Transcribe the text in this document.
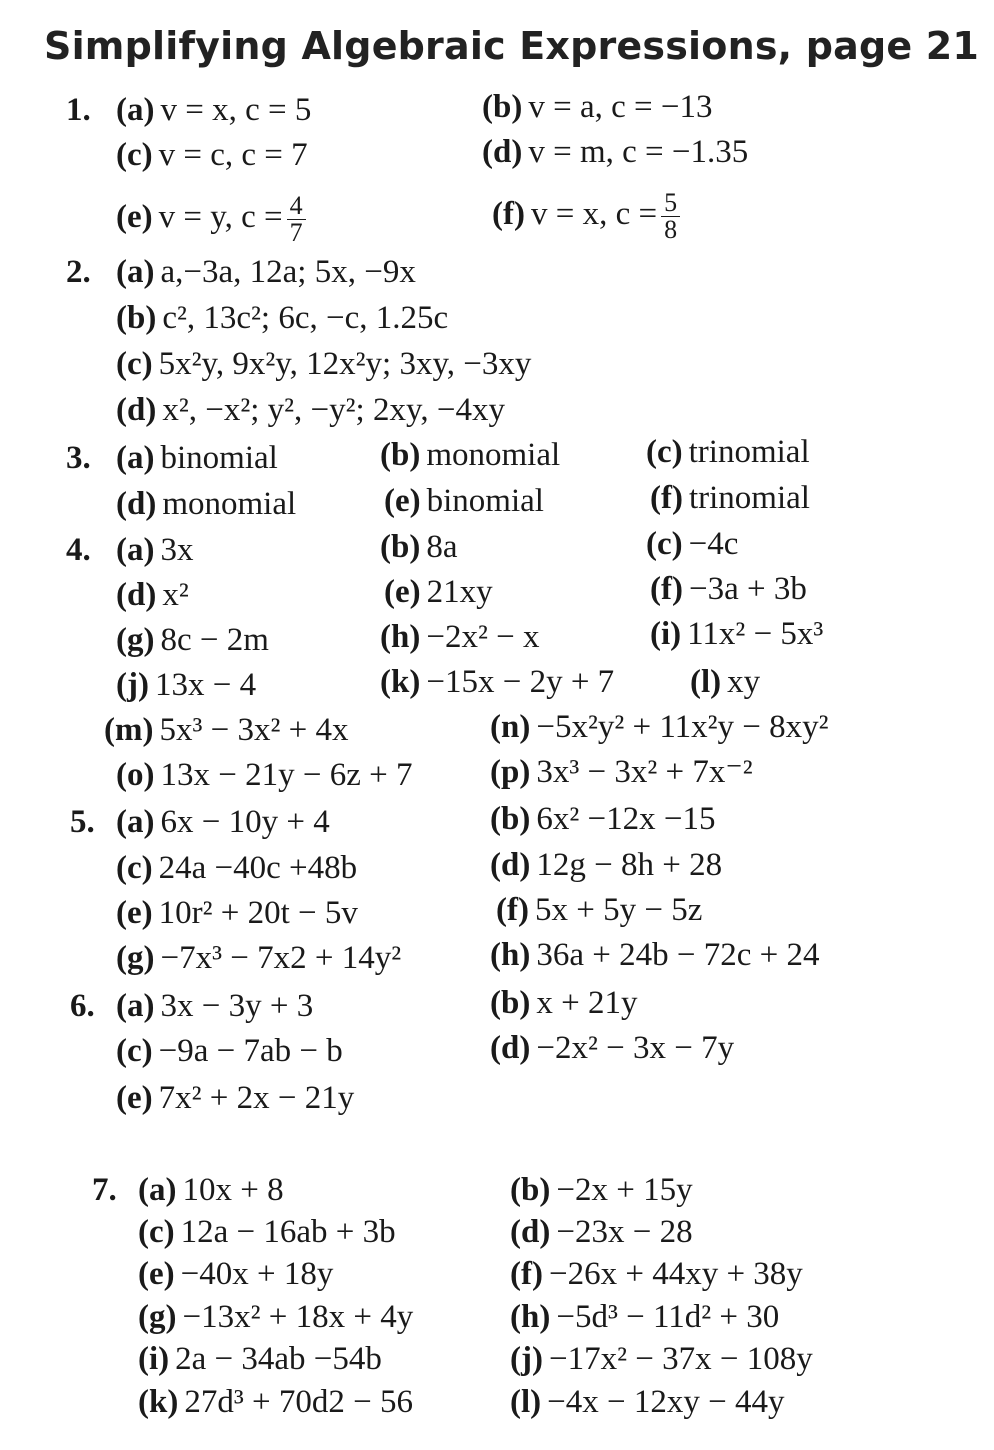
Simplifying Algebraic Expressions, page 21
1. (a) v = x, c = 5	(b) v = a, c = −13
(c) v = c, c = 7	(d) v = m, c = −1.35
(e) v = y, $c = \frac{4}{7}$	(f) v = x, $c = \frac{5}{8}$
2. (a) a,−3a, 12a; 5x, −9x
(b) c², 13c²; 6c, −c, 1.25c
(c) 5x²y, 9x²y, 12x²y; 3xy, −3xy
(d) x², −x²; y², −y²; 2xy, −4xy
3. (a) binomial	(b) monomial	(c) trinomial
(d) monomial	(e) binomial	(f) trinomial
4. (a) 3x	(b) 8a	(c) −4c
(d) x²	(e) 21xy	(f) −3a + 3b
(g) 8c − 2m	(h) −2x² − x	(i) 11x² − 5x³
(j) 13x − 4	(k) −15x − 2y + 7 (l) xy
(m) 5x³ − 3x² + 4x	(n) −5x²y² + 11x²y − 8xy²
(o) 13x − 21y − 6z + 7 (p) 3x³ − 3x² + 7x⁻²
5. (a) 6x − 10y + 4	(b) 6x² −12x −15
(c) 24a −40c +48b	(d) 12g − 8h + 28
(e) 10r² + 20t − 5v	(f) 5x + 5y − 5z
(g) −7x³ − 7x2 + 14y²	(h) 36a + 24b − 72c + 24
6. (a) 3x − 3y + 3	(b) x + 21y
(c) −9a − 7ab − b	(d) −2x² − 3x − 7y
(e) 7x² + 2x − 21y
7. (a) 10x + 8	(b) −2x + 15y
(c) 12a − 16ab + 3b	(d) −23x − 28
(e) −40x + 18y	(f) −26x + 44xy + 38y
(g) −13x² + 18x + 4y	(h) −5d³ − 11d² + 30
(i) 2a − 34ab −54b	(j) −17x² − 37x − 108y
(k) 27d³ + 70d2 − 56	(l) −4x − 12xy − 44y
